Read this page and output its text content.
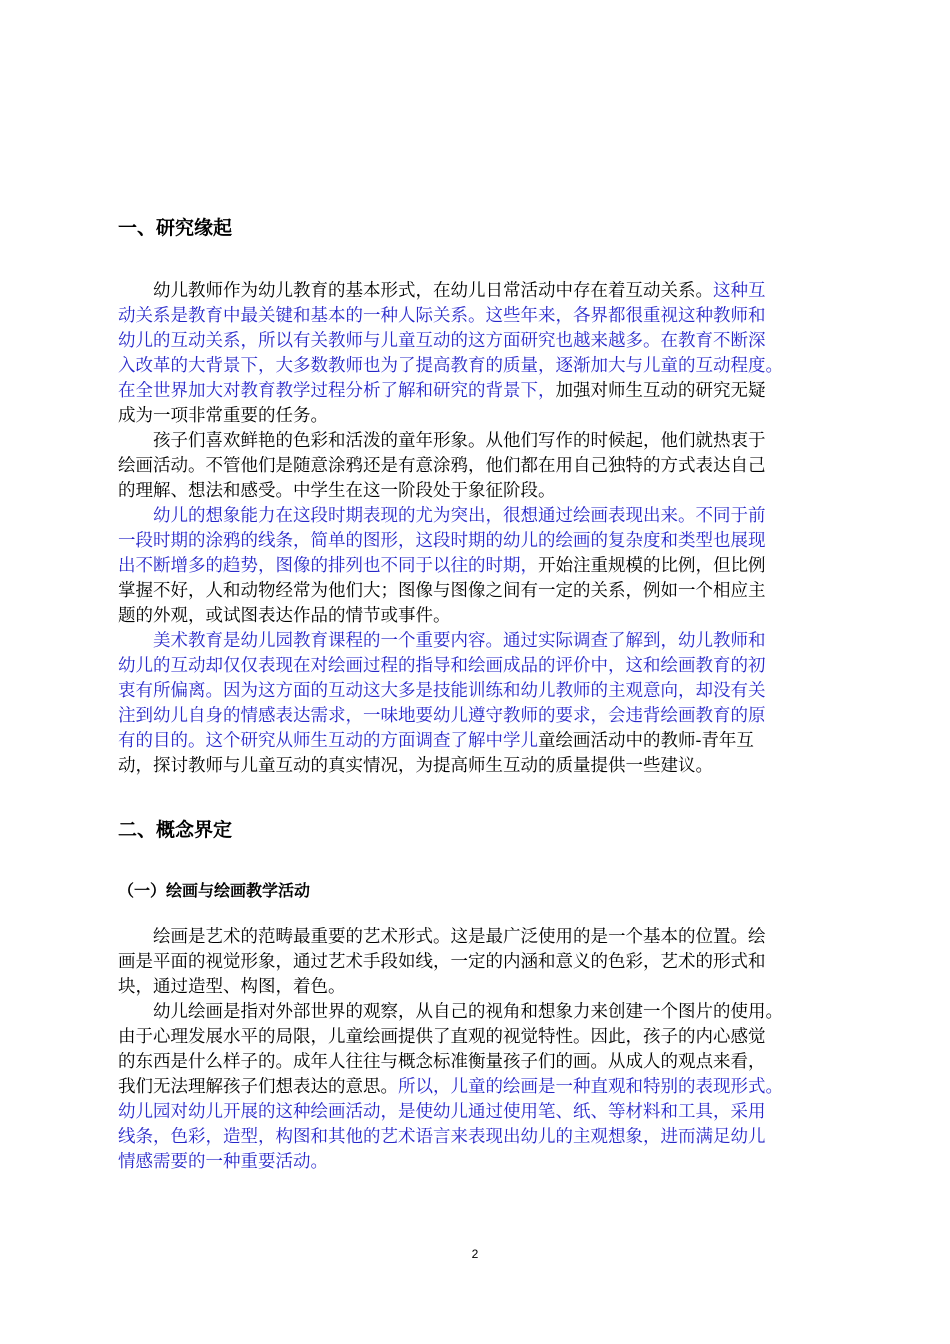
一、研究缘起
　　幼儿教师作为幼儿教育的基本形式，在幼儿日常活动中存在着互动关系。这种互
动关系是教育中最关键和基本的一种人际关系。这些年来，各界都很重视这种教师和
幼儿的互动关系，所以有关教师与儿童互动的这方面研究也越来越多。在教育不断深
入改革的大背景下，大多数教师也为了提高教育的质量，逐渐加大与儿童的互动程度。
在全世界加大对教育教学过程分析了解和研究的背景下，加强对师生互动的研究无疑
成为一项非常重要的任务。
　　孩子们喜欢鲜艳的色彩和活泼的童年形象。从他们写作的时候起，他们就热衷于
绘画活动。不管他们是随意涂鸦还是有意涂鸦，他们都在用自己独特的方式表达自己
的理解、想法和感受。中学生在这一阶段处于象征阶段。
　　幼儿的想象能力在这段时期表现的尤为突出，很想通过绘画表现出来。不同于前
一段时期的涂鸦的线条，简单的图形，这段时期的幼儿的绘画的复杂度和类型也展现
出不断增多的趋势，图像的排列也不同于以往的时期，开始注重规模的比例，但比例
掌握不好，人和动物经常为他们大；图像与图像之间有一定的关系，例如一个相应主
题的外观，或试图表达作品的情节或事件。
　　美术教育是幼儿园教育课程的一个重要内容。通过实际调查了解到，幼儿教师和
幼儿的互动却仅仅表现在对绘画过程的指导和绘画成品的评价中，这和绘画教育的初
衷有所偏离。因为这方面的互动这大多是技能训练和幼儿教师的主观意向，却没有关
注到幼儿自身的情感表达需求，一味地要幼儿遵守教师的要求，会违背绘画教育的原
有的目的。这个研究从师生互动的方面调查了解中学儿童绘画活动中的教师-青年互
动，探讨教师与儿童互动的真实情况，为提高师生互动的质量提供一些建议。
二、概念界定
（一）绘画与绘画教学活动
　　绘画是艺术的范畴最重要的艺术形式。这是最广泛使用的是一个基本的位置。绘
画是平面的视觉形象，通过艺术手段如线，一定的内涵和意义的色彩，艺术的形式和
块，通过造型、构图，着色。
　　幼儿绘画是指对外部世界的观察，从自己的视角和想象力来创建一个图片的使用。
由于心理发展水平的局限，儿童绘画提供了直观的视觉特性。因此，孩子的内心感觉
的东西是什么样子的。成年人往往与概念标准衡量孩子们的画。从成人的观点来看，
我们无法理解孩子们想表达的意思。所以，儿童的绘画是一种直观和特别的表现形式。
幼儿园对幼儿开展的这种绘画活动，是使幼儿通过使用笔、纸、等材料和工具，采用
线条，色彩，造型，构图和其他的艺术语言来表现出幼儿的主观想象，进而满足幼儿
情感需要的一种重要活动。
2
